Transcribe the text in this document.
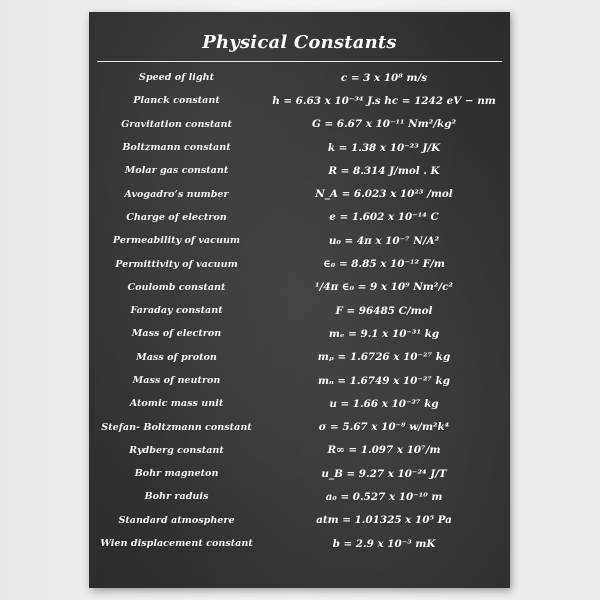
Physical Constants
Speed of light	c = 3 x 10⁸ m/s
Planck constant	h = 6.63 x 10⁻³⁴ J.s hc = 1242 eV − nm
Gravitation constant	G = 6.67 x 10⁻¹¹ Nm²/kg²
Boltzmann constant	k = 1.38 x 10⁻²³ J/K
Molar gas constant	R = 8.314 J/mol . K
Avogadro’s number	N_A = 6.023 x 10²³ /mol
Charge of electron	e = 1.602 x 10⁻¹⁴ C
Permeability of vacuum	u₀ = 4π x 10⁻⁷ N/A²
Permittivity of vacuum	∈₀ = 8.85 x 10⁻¹² F/m
Coulomb constant	¹/4π ∈₀ = 9 x 10⁹ Nm²/c²
Faraday constant	F = 96485 C/mol
Mass of electron	mₑ = 9.1 x 10⁻³¹ kg
Mass of proton	mₚ = 1.6726 x 10⁻²⁷ kg
Mass of neutron	mₙ = 1.6749 x 10⁻²⁷ kg
Atomic mass unit	u = 1.66 x 10⁻²⁷ kg
Stefan- Boltzmann constant	σ = 5.67 x 10⁻⁸ w/m²k⁴
Rydberg constant	R∞ = 1.097 x 10⁷/m
Bohr magneton	u_B = 9.27 x 10⁻²⁴ J/T
Bohr raduis	a₀ = 0.527 x 10⁻¹⁰ m
Standard atmosphere	atm = 1.01325 x 10⁵ Pa
Wien displacement constant	b = 2.9 x 10⁻³ mK
